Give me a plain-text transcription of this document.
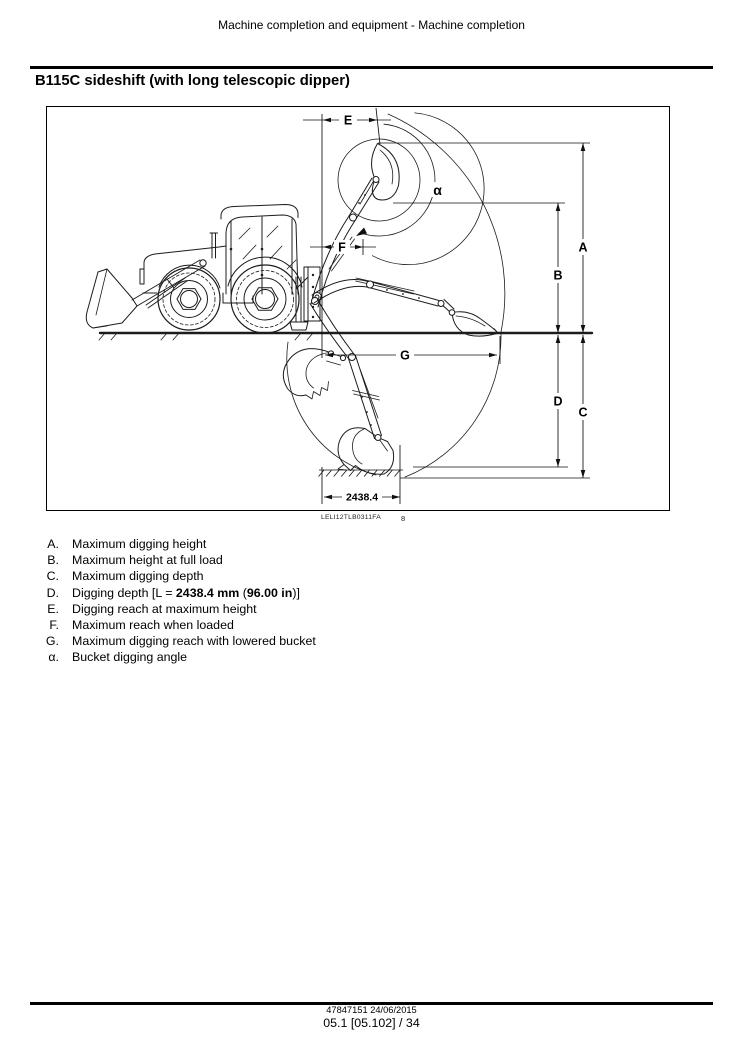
Machine completion and equipment - Machine completion
B115C sideshift (with long telescopic dipper)
E
F	A
B
D
C
G
α
2438.4
LELI12TLB0311FA	8
A. Maximum digging height
B. Maximum height at full load
C. Maximum digging depth
D. Digging depth [L = 2438.4 mm (96.00 in)]
E. Digging reach at maximum height
F. Maximum reach when loaded
G. Maximum digging reach with lowered bucket
α. Bucket digging angle
47847151 24/06/2015
05.1 [05.102] / 34
